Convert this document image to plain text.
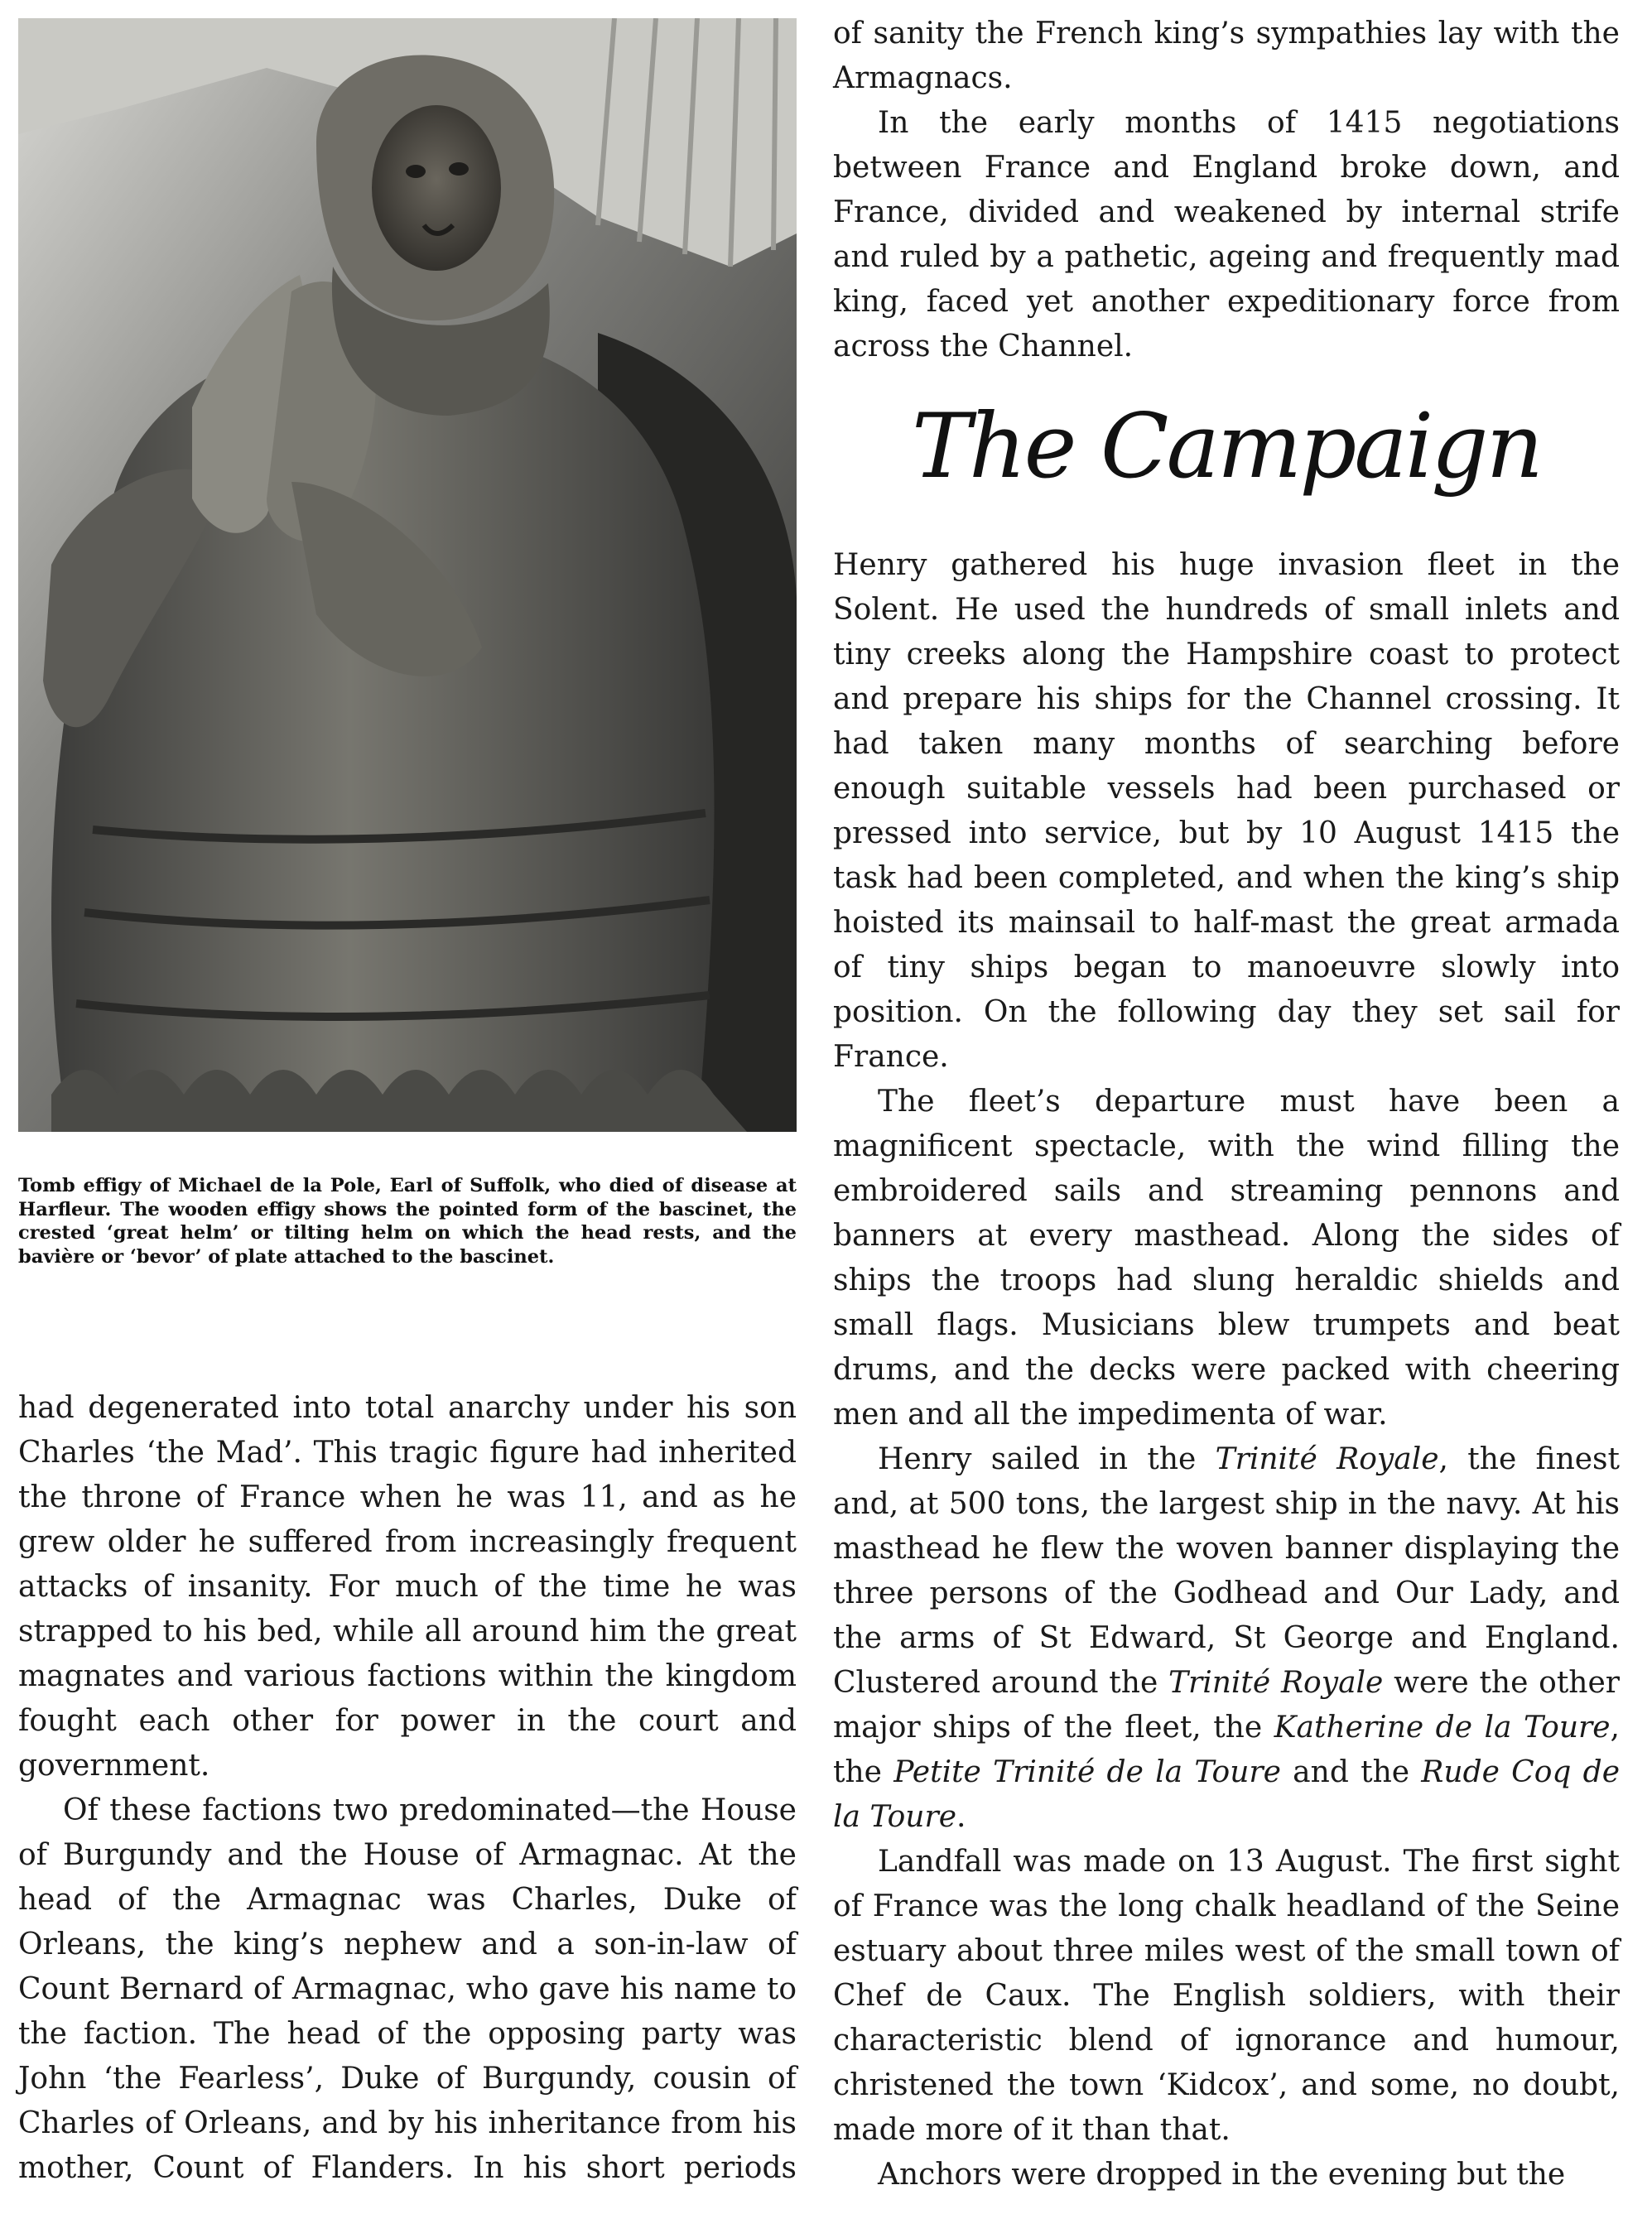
Tomb effigy of Michael de la Pole, Earl of Suffolk, who died of disease at Harfleur. The wooden effigy shows the pointed form of the bascinet, the crested ‘great helm’ or tilting helm on which the head rests, and the bavière or ‘bevor’ of plate attached to the bascinet.

had degenerated into total anarchy under his son Charles ‘the Mad’. This tragic figure had inherited the throne of France when he was 11, and as he grew older he suffered from increasingly frequent attacks of insanity. For much of the time he was strapped to his bed, while all around him the great magnates and various factions within the kingdom fought each other for power in the court and government.

Of these factions two predominated—the House of Burgundy and the House of Armagnac. At the head of the Armagnac was Charles, Duke of Orleans, the king’s nephew and a son-in-law of Count Bernard of Armagnac, who gave his name to the faction. The head of the opposing party was John ‘the Fearless’, Duke of Burgundy, cousin of Charles of Orleans, and by his inheritance from his mother, Count of Flanders. In his short periods

of sanity the French king’s sympathies lay with the Armagnacs.

In the early months of 1415 negotiations between France and England broke down, and France, divided and weakened by internal strife and ruled by a pathetic, ageing and frequently mad king, faced yet another expeditionary force from across the Channel.

The Campaign

Henry gathered his huge invasion fleet in the Solent. He used the hundreds of small inlets and tiny creeks along the Hampshire coast to protect and prepare his ships for the Channel crossing. It had taken many months of searching before enough suitable vessels had been purchased or pressed into service, but by 10 August 1415 the task had been completed, and when the king’s ship hoisted its mainsail to half-mast the great armada of tiny ships began to manoeuvre slowly into position. On the following day they set sail for France.

The fleet’s departure must have been a magnificent spectacle, with the wind filling the embroidered sails and streaming pennons and banners at every masthead. Along the sides of ships the troops had slung heraldic shields and small flags. Musicians blew trumpets and beat drums, and the decks were packed with cheering men and all the impedimenta of war.

Henry sailed in the Trinité Royale, the finest and, at 500 tons, the largest ship in the navy. At his masthead he flew the woven banner displaying the three persons of the Godhead and Our Lady, and the arms of St Edward, St George and England. Clustered around the Trinité Royale were the other major ships of the fleet, the Katherine de la Toure, the Petite Trinité de la Toure and the Rude Coq de la Toure.

Landfall was made on 13 August. The first sight of France was the long chalk headland of the Seine estuary about three miles west of the small town of Chef de Caux. The English soldiers, with their characteristic blend of ignorance and humour, christened the town ‘Kidcox’, and some, no doubt, made more of it than that.

Anchors were dropped in the evening but the
